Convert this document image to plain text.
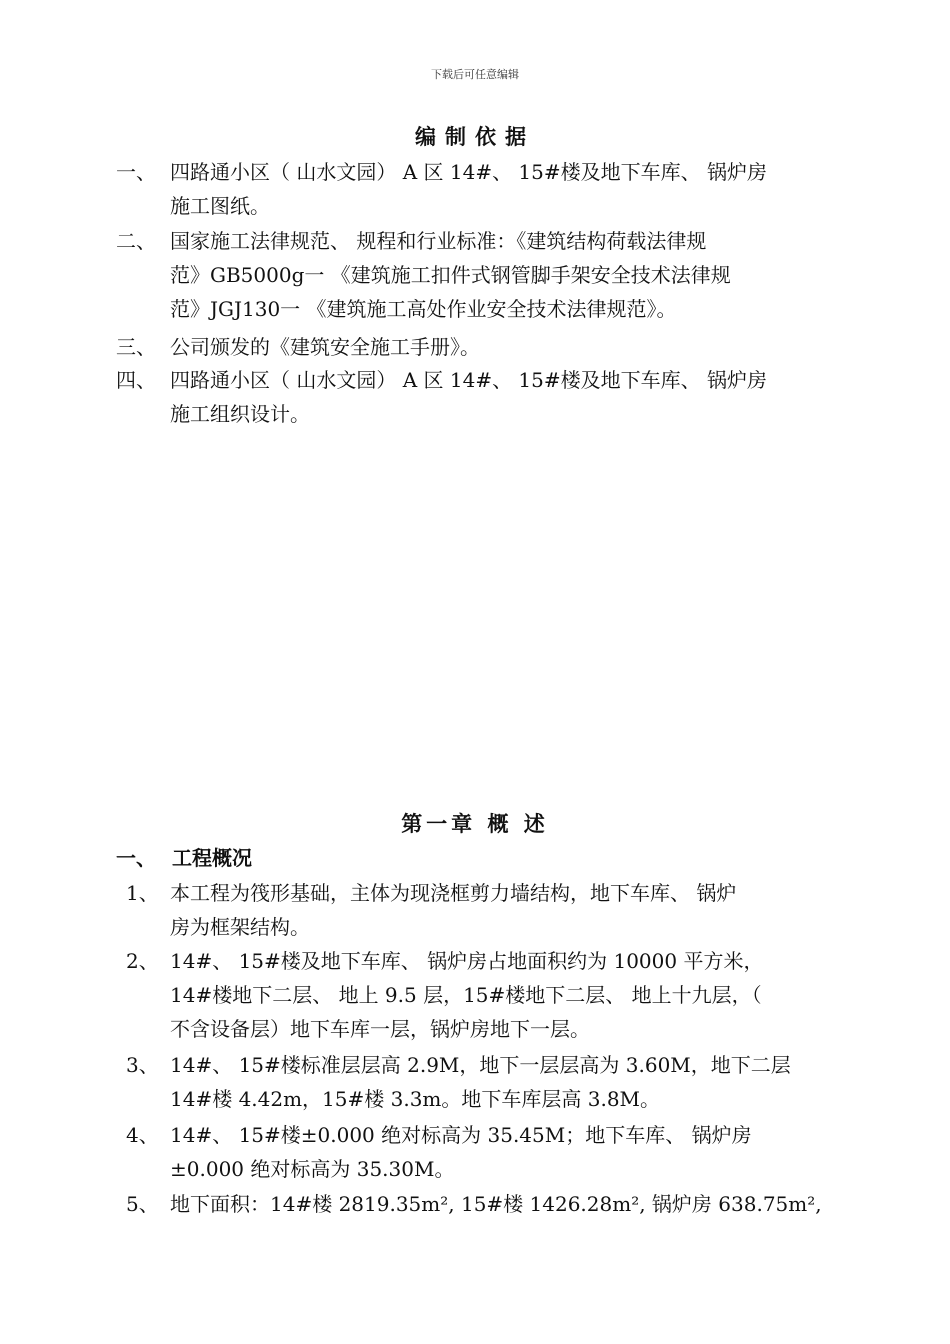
下载后可任意编辑
编制依据
一、 四路通小区（ 山水文园） A 区 14#、 15#楼及地下车库、 锅炉房
施工图纸。
二、 国家施工法律规范、 规程和行业标准：《建筑结构荷载法律规
范》GB5000g一 《建筑施工扣件式钢管脚手架安全技术法律规
范》JGJ130一 《建筑施工高处作业安全技术法律规范》。
三、 公司颁发的《建筑安全施工手册》。
四、 四路通小区（ 山水文园） A 区 14#、 15#楼及地下车库、 锅炉房
施工组织设计。
第一章 概 述
一、 工程概况
1、 本工程为筏形基础，主体为现浇框剪力墙结构，地下车库、 锅炉
房为框架结构。
2、 14#、 15#楼及地下车库、 锅炉房占地面积约为 10000 平方米，
14#楼地下二层、 地上 9.5 层，15#楼地下二层、 地上十九层，（
不含设备层）地下车库一层，锅炉房地下一层。
3、 14#、 15#楼标准层层高 2.9M，地下一层层高为 3.60M，地下二层
14#楼 4.42m，15#楼 3.3m。地下车库层高 3.8M。
4、 14#、 15#楼±0.000 绝对标高为 35.45M；地下车库、 锅炉房
±0.000 绝对标高为 35.30M。
5、 地下面积：14#楼 2819.35m², 15#楼 1426.28m², 锅炉房 638.75m²,
